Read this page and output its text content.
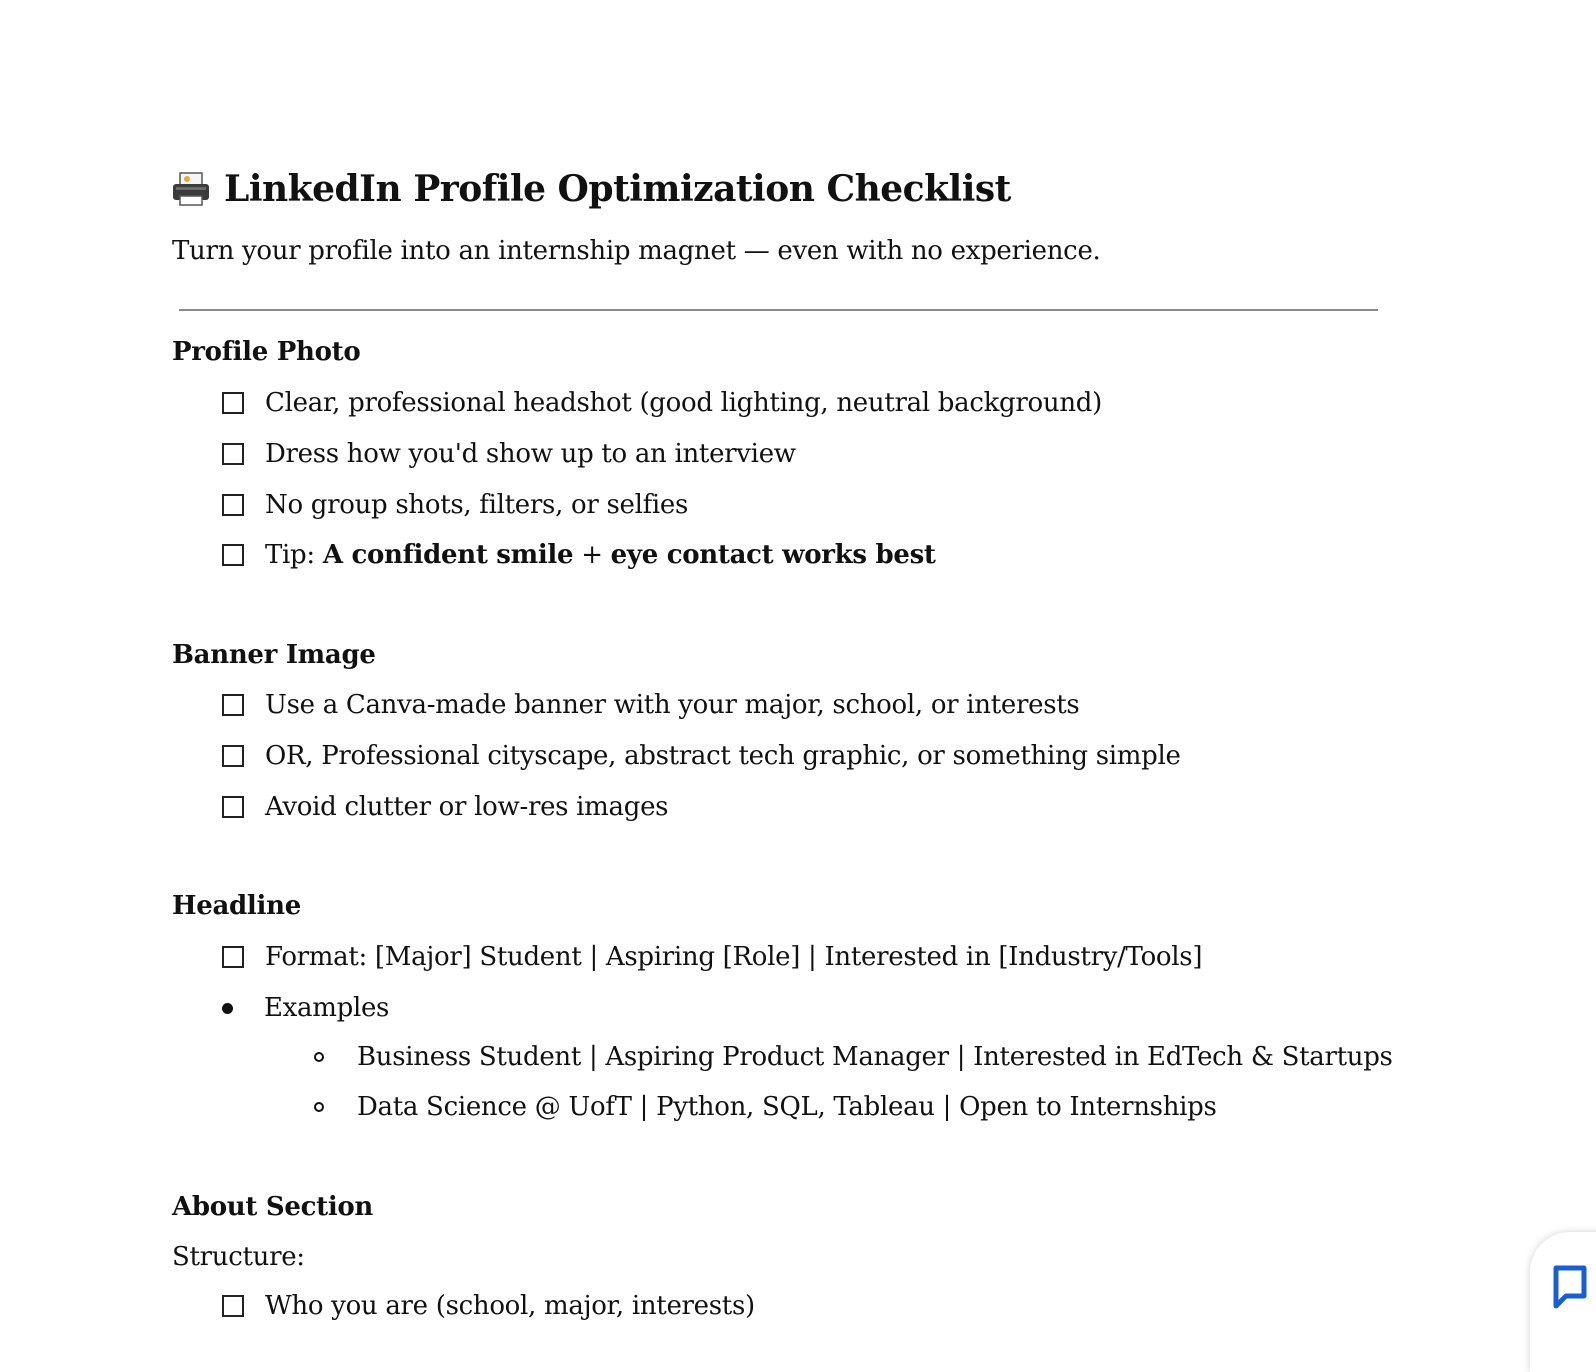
LinkedIn Profile Optimization Checklist
Turn your profile into an internship magnet — even with no experience.
Profile Photo
Clear, professional headshot (good lighting, neutral background)
Dress how you'd show up to an interview
No group shots, filters, or selfies
Tip: A confident smile + eye contact works best
Banner Image
Use a Canva-made banner with your major, school, or interests
OR, Professional cityscape, abstract tech graphic, or something simple
Avoid clutter or low-res images
Headline
Format: [Major] Student | Aspiring [Role] | Interested in [Industry/Tools]
Examples
Business Student | Aspiring Product Manager | Interested in EdTech & Startups
Data Science @ UofT | Python, SQL, Tableau | Open to Internships
About Section
Structure:
Who you are (school, major, interests)
